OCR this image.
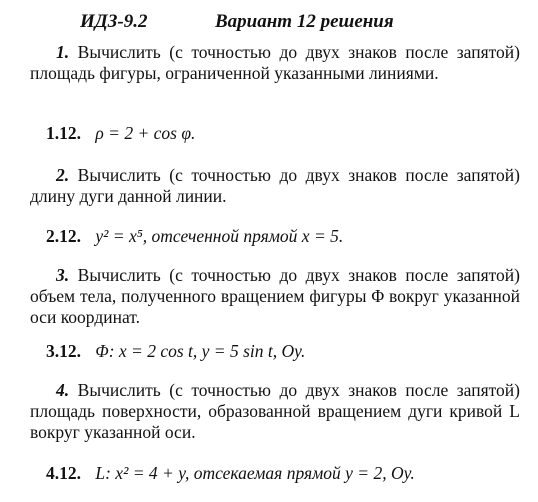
ИДЗ-9.2	Вариант 12 решения

1. Вычислить (с точностью до двух знаков после запятой) площадь фигуры, ограниченной указанными линиями.

1.12. ρ = 2 + cos φ.

2. Вычислить (с точностью до двух знаков после запятой) длину дуги данной линии.

2.12. y² = x⁵, отсеченной прямой x = 5.

3. Вычислить (с точностью до двух знаков после запятой) объем тела, полученного вращением фигуры Φ вокруг указанной оси координат.

3.12. Φ: x = 2 cos t, y = 5 sin t, Oy.

4. Вычислить (с точностью до двух знаков после запятой) площадь поверхности, образованной вращением дуги кривой L вокруг указанной оси.

4.12. L: x² = 4 + y, отсекаемая прямой y = 2, Oy.
